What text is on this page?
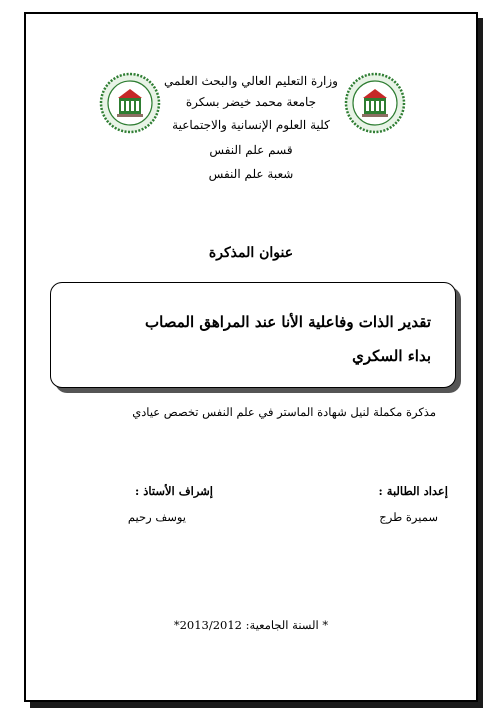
وزارة التعليم العالي والبحث العلمي
جامعة محمد خيضر بسكرة
كلية العلوم الإنسانية والاجتماعية
قسم علم النفس
شعبة علم النفس
عنوان المذكرة
تقدير الذات وفاعلية الأنا عند المراهق المصاب
بداء السكري
مذكرة مكملة لنيل شهادة الماستر في علم النفس تخصص عيادي
إعداد الطالبة :
سميرة طرج
إشراف الأستاذ :
يوسف رحيم
*السنة الجامعية: 2013/2012 *
